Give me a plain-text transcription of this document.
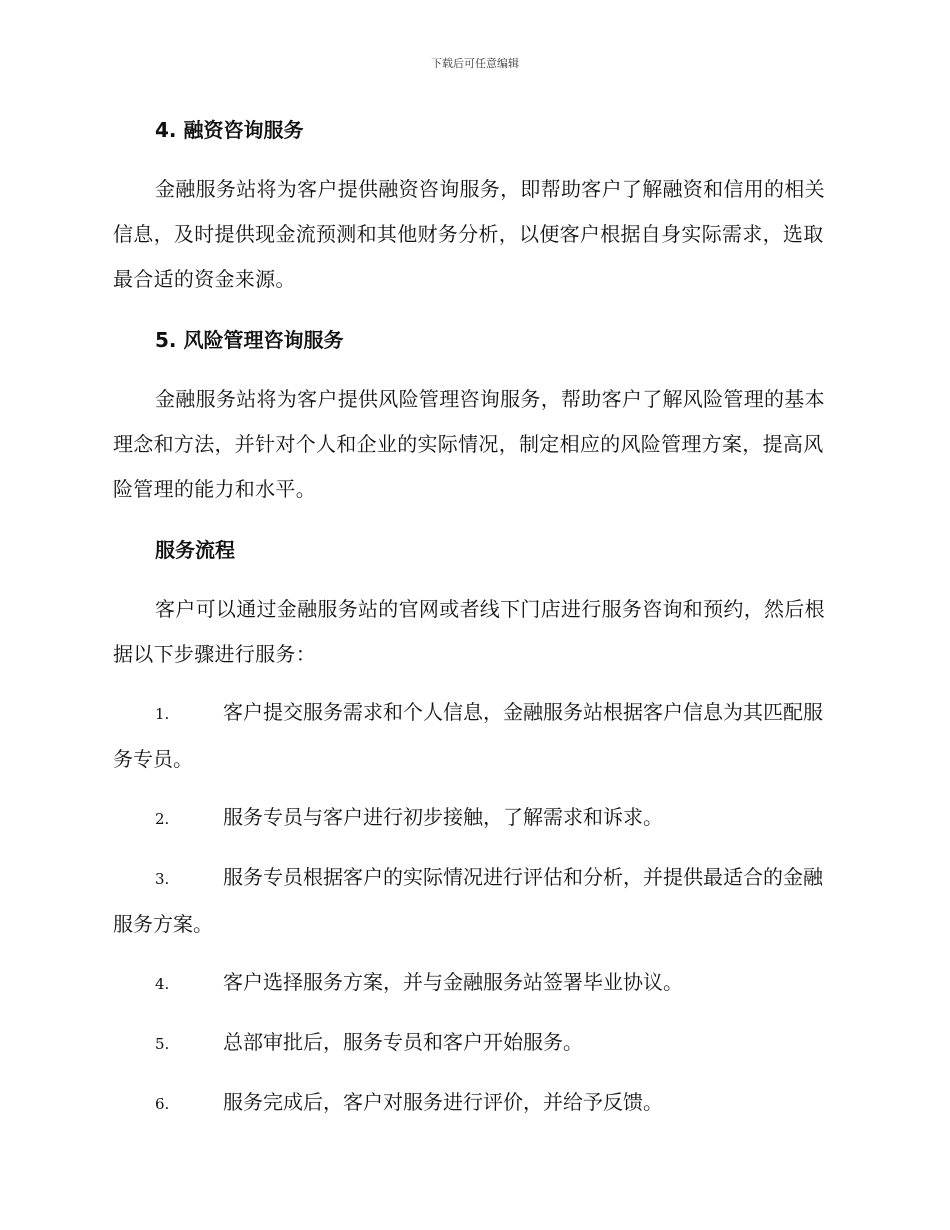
下载后可任意编辑
4. 融资咨询服务

金融服务站将为客户提供融资咨询服务，即帮助客户了解融资和信用的相关信息，及时提供现金流预测和其他财务分析，以便客户根据自身实际需求，选取最合适的资金来源。

5. 风险管理咨询服务

金融服务站将为客户提供风险管理咨询服务，帮助客户了解风险管理的基本理念和方法，并针对个人和企业的实际情况，制定相应的风险管理方案，提高风险管理的能力和水平。

服务流程

客户可以通过金融服务站的官网或者线下门店进行服务咨询和预约，然后根据以下步骤进行服务：

1.	客户提交服务需求和个人信息，金融服务站根据客户信息为其匹配服务专员。

2.	服务专员与客户进行初步接触，了解需求和诉求。

3.	服务专员根据客户的实际情况进行评估和分析，并提供最适合的金融服务方案。

4.	客户选择服务方案，并与金融服务站签署毕业协议。

5.	总部审批后，服务专员和客户开始服务。

6.	服务完成后，客户对服务进行评价，并给予反馈。
